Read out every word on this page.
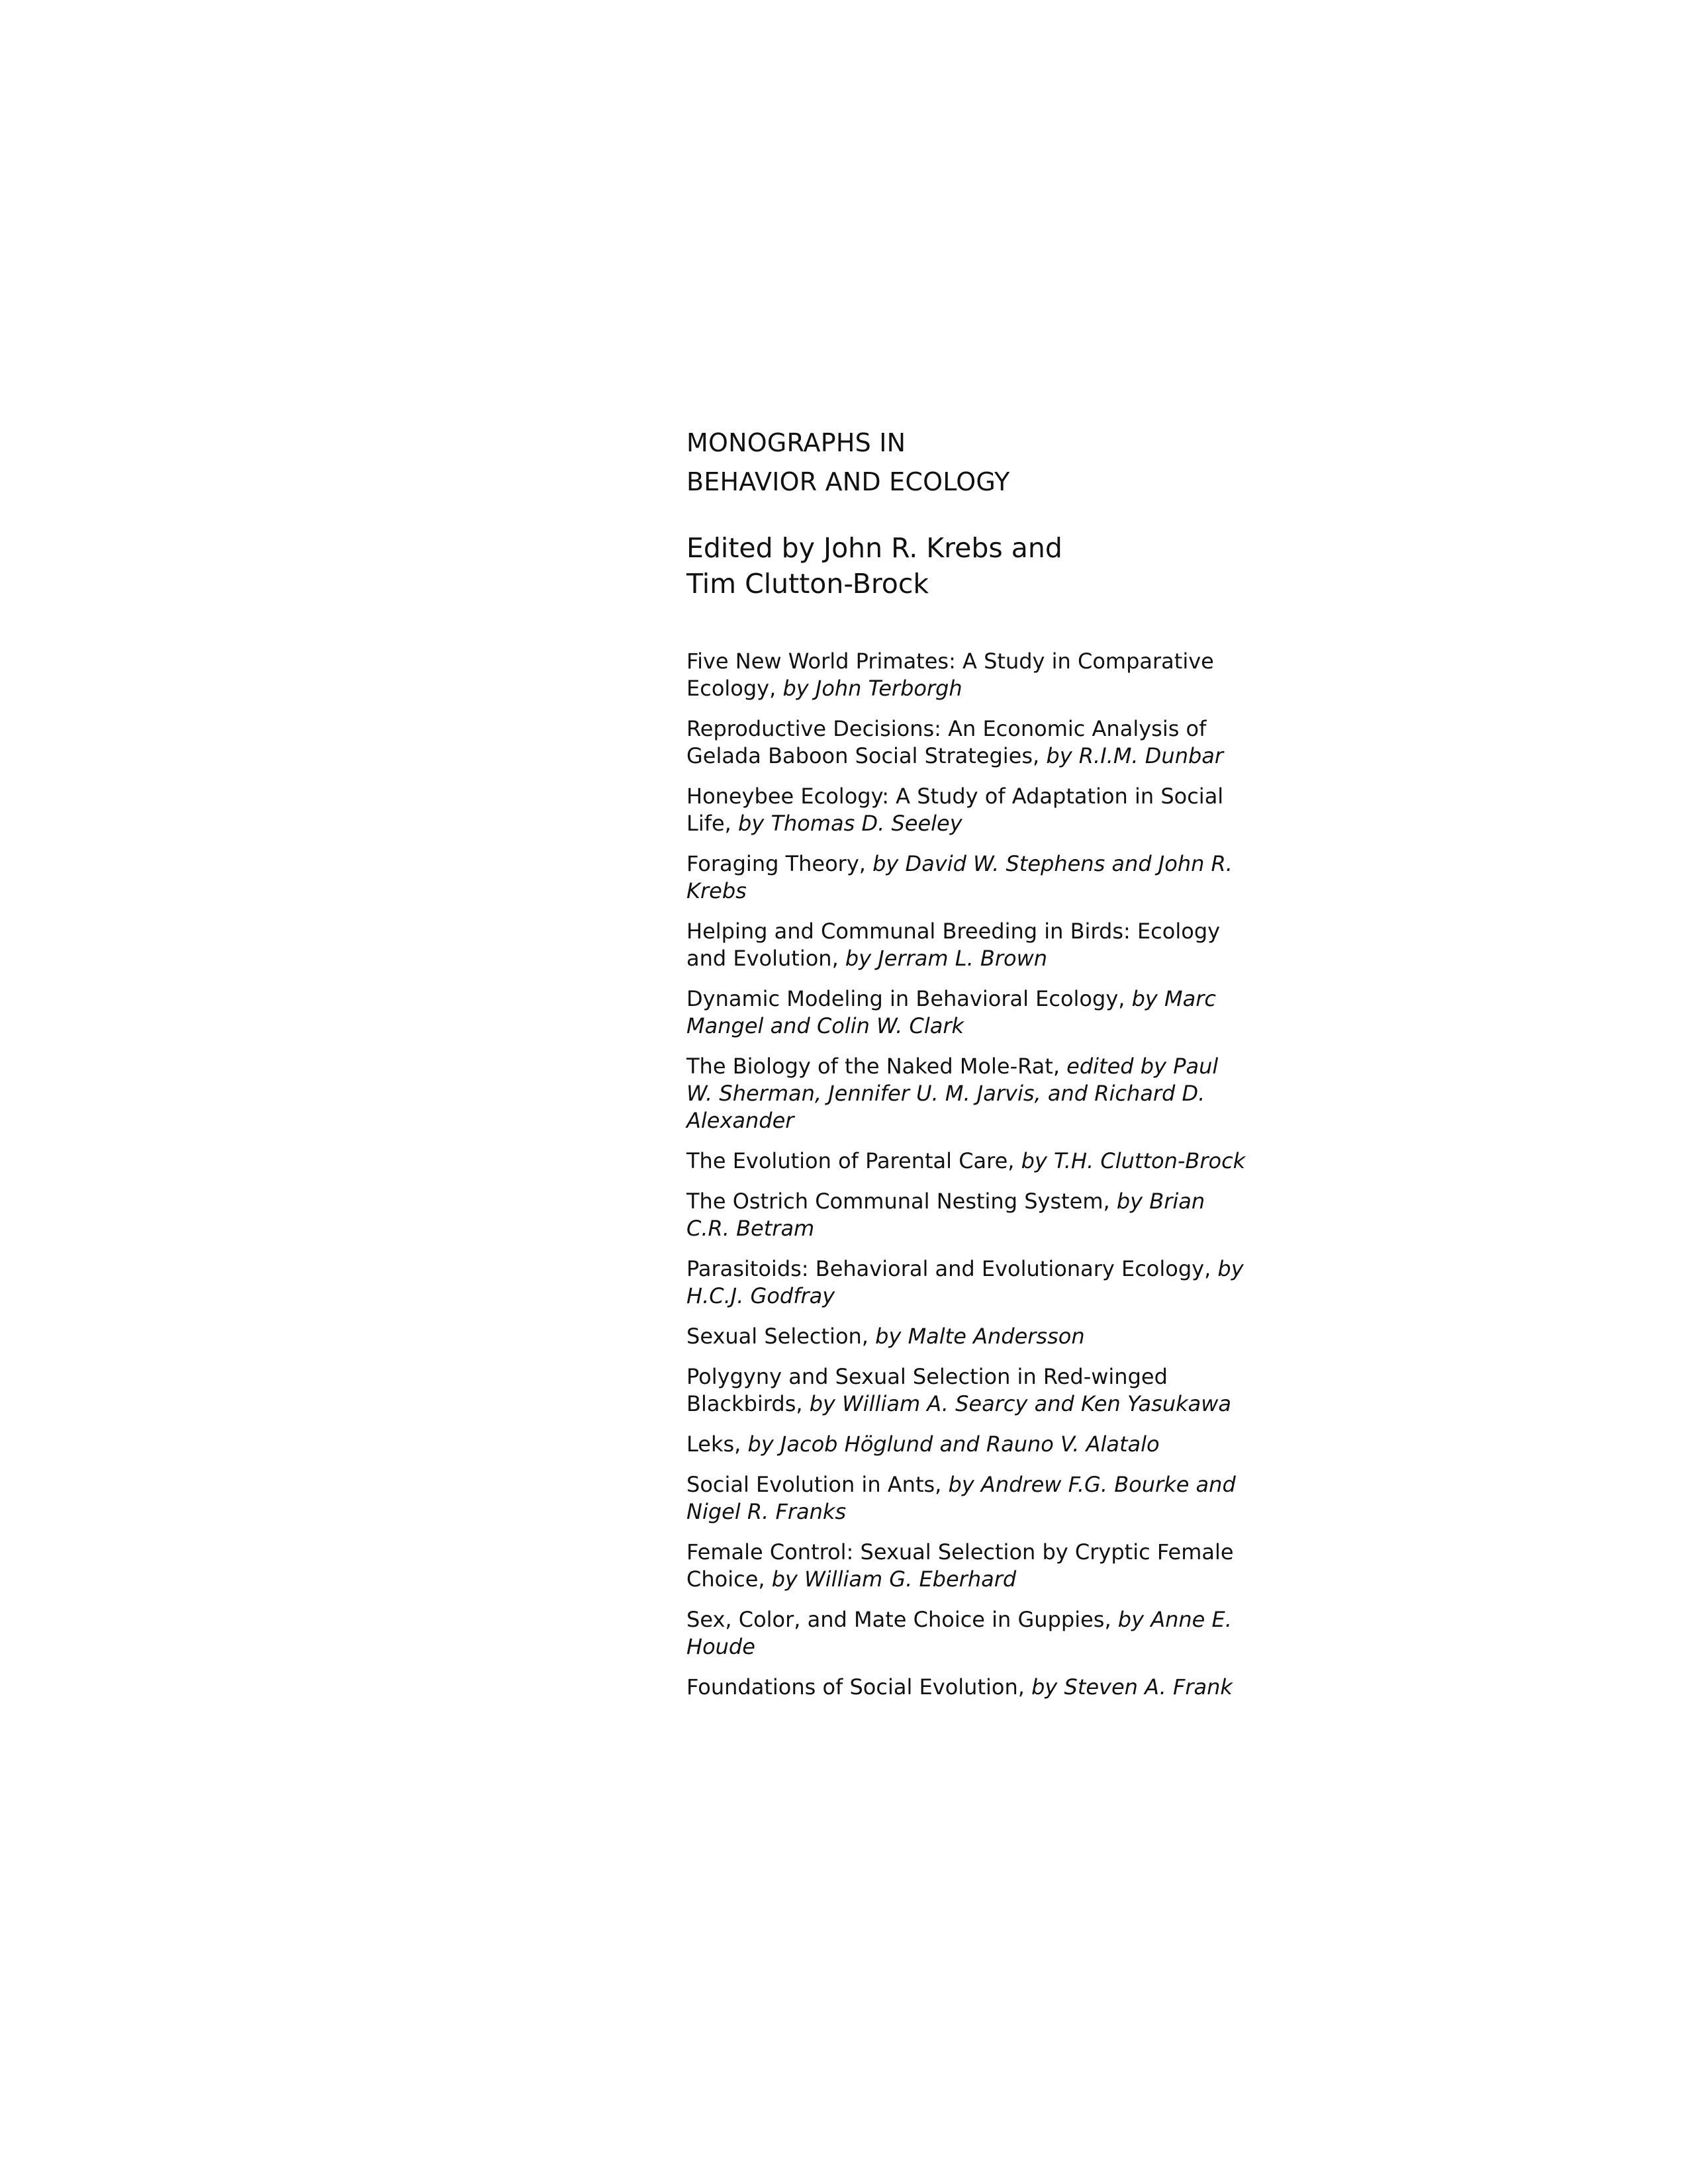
MONOGRAPHS IN
BEHAVIOR AND ECOLOGY

Edited by John R. Krebs and
Tim Clutton-Brock

Five New World Primates: A Study in Comparative Ecology, by John Terborgh
Reproductive Decisions: An Economic Analysis of Gelada Baboon Social Strategies, by R.I.M. Dunbar
Honeybee Ecology: A Study of Adaptation in Social Life, by Thomas D. Seeley
Foraging Theory, by David W. Stephens and John R. Krebs
Helping and Communal Breeding in Birds: Ecology and Evolution, by Jerram L. Brown
Dynamic Modeling in Behavioral Ecology, by Marc Mangel and Colin W. Clark
The Biology of the Naked Mole-Rat, edited by Paul W. Sherman, Jennifer U. M. Jarvis, and Richard D. Alexander
The Evolution of Parental Care, by T.H. Clutton-Brock
The Ostrich Communal Nesting System, by Brian C.R. Betram
Parasitoids: Behavioral and Evolutionary Ecology, by H.C.J. Godfray
Sexual Selection, by Malte Andersson
Polygyny and Sexual Selection in Red-winged Blackbirds, by William A. Searcy and Ken Yasukawa
Leks, by Jacob Höglund and Rauno V. Alatalo
Social Evolution in Ants, by Andrew F.G. Bourke and Nigel R. Franks
Female Control: Sexual Selection by Cryptic Female Choice, by William G. Eberhard
Sex, Color, and Mate Choice in Guppies, by Anne E. Houde
Foundations of Social Evolution, by Steven A. Frank
